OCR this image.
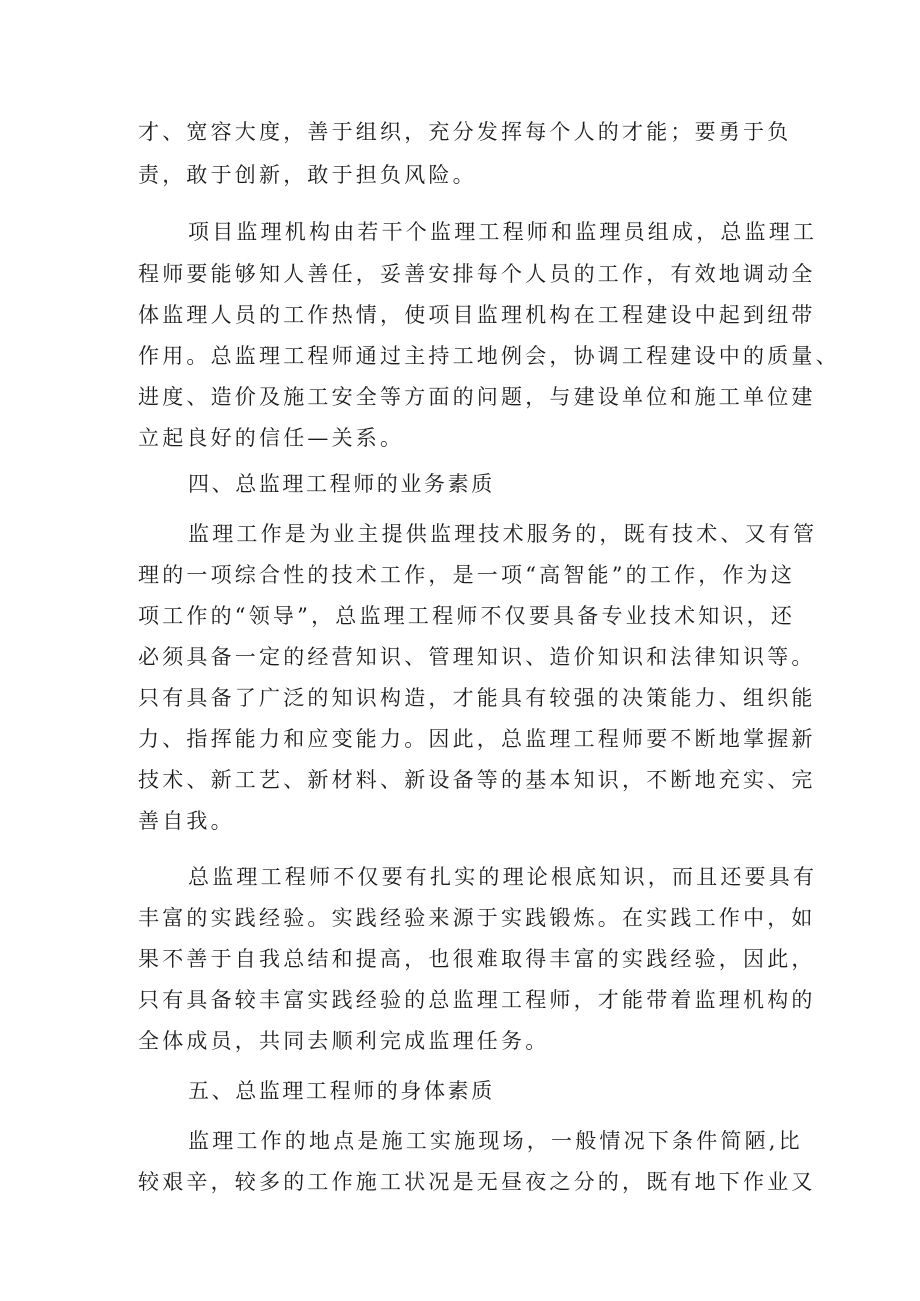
才、宽容大度，善于组织，充分发挥每个人的才能；要勇于负

责，敢于创新，敢于担负风险。

项目监理机构由若干个监理工程师和监理员组成，总监理工

程师要能够知人善任，妥善安排每个人员的工作，有效地调动全

体监理人员的工作热情，使项目监理机构在工程建设中起到纽带

作用。总监理工程师通过主持工地例会，协调工程建设中的质量、

进度、造价及施工安全等方面的问题，与建设单位和施工单位建

立起良好的信任—关系。

四、总监理工程师的业务素质

监理工作是为业主提供监理技术服务的，既有技术、又有管

理的一项综合性的技术工作，是一项“高智能”的工作，作为这

项工作的“领导”，总监理工程师不仅要具备专业技术知识，还

必须具备一定的经营知识、管理知识、造价知识和法律知识等。

只有具备了广泛的知识构造，才能具有较强的决策能力、组织能

力、指挥能力和应变能力。因此，总监理工程师要不断地掌握新

技术、新工艺、新材料、新设备等的基本知识，不断地充实、完

善自我。

总监理工程师不仅要有扎实的理论根底知识，而且还要具有

丰富的实践经验。实践经验来源于实践锻炼。在实践工作中，如

果不善于自我总结和提高，也很难取得丰富的实践经验，因此，

只有具备较丰富实践经验的总监理工程师，才能带着监理机构的

全体成员，共同去顺利完成监理任务。

五、总监理工程师的身体素质

监理工作的地点是施工实施现场，一般情况下条件简陋,比

较艰辛，较多的工作施工状况是无昼夜之分的，既有地下作业又
